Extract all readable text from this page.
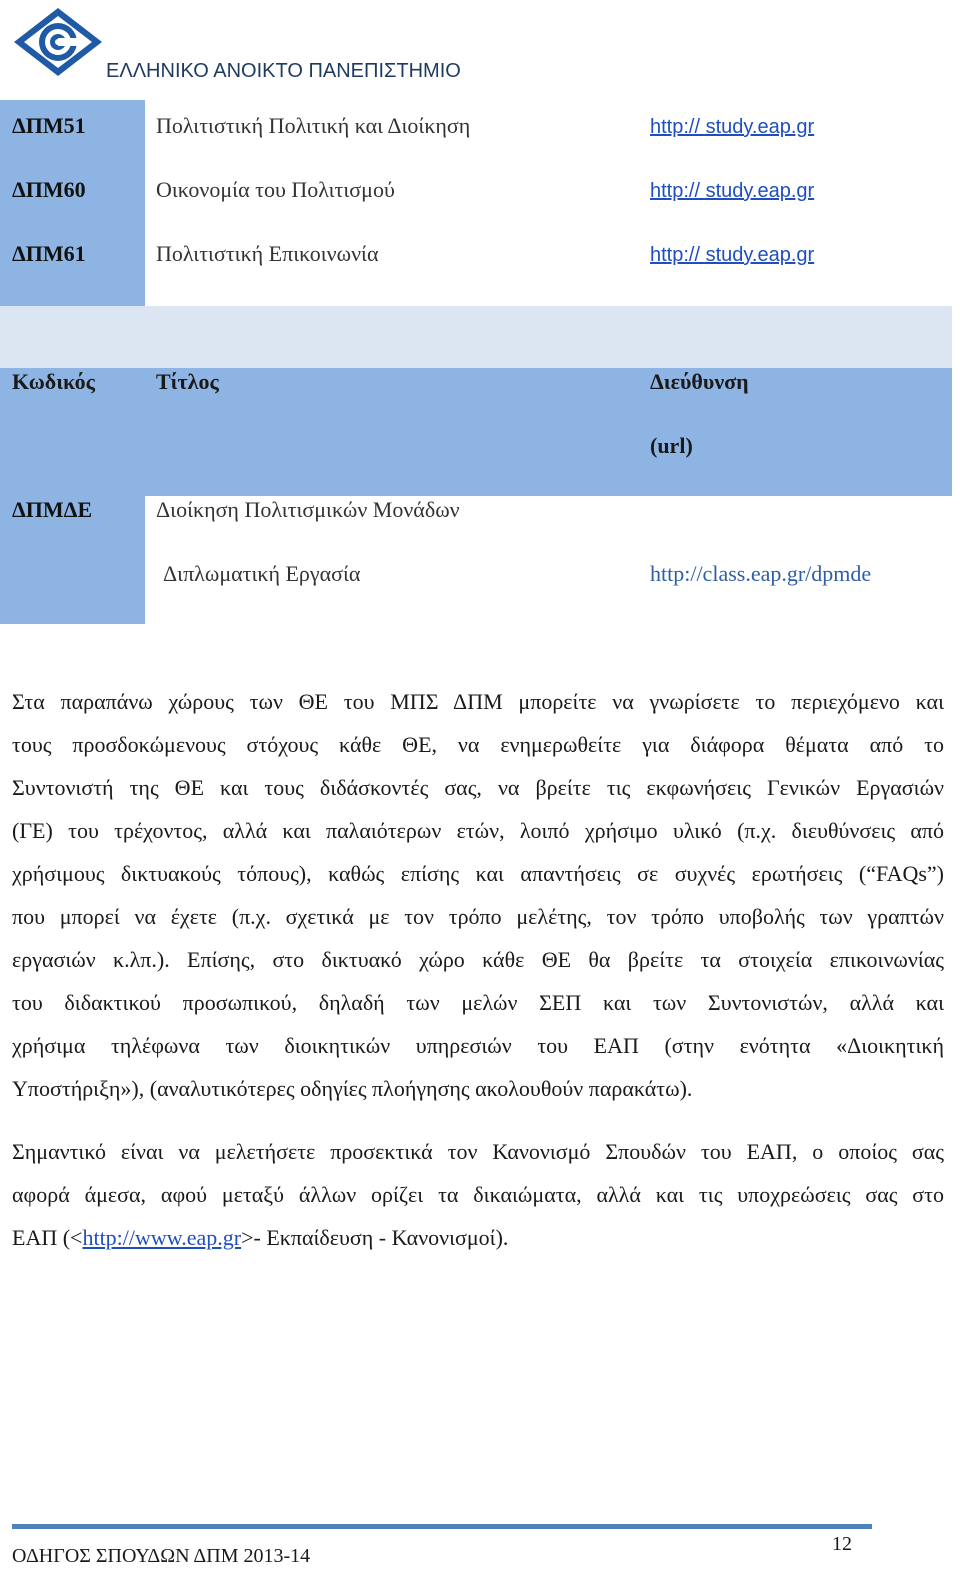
ΕΛΛΗΝΙΚΟ ΑΝΟΙΚΤΟ ΠΑΝΕΠΙΣΤΗΜΙΟ
ΔΠΜ51	Πολιτιστική Πολιτική και Διοίκηση	http:// study.eap.gr
ΔΠΜ60	Οικονομία του Πολιτισμού	http:// study.eap.gr
ΔΠΜ61	Πολιτιστική Επικοινωνία	http:// study.eap.gr
Κωδικός	Τίτλος	Διεύθυνση
(url)
ΔΠΜΔΕ	Διοίκηση Πολιτισμικών Μονάδων
Διπλωματική Εργασία	http://class.eap.gr/dpmde
Στα παραπάνω χώρους των ΘΕ του ΜΠΣ ΔΠΜ μπορείτε να γνωρίσετε το περιεχόμενο και
τους προσδοκώμενους στόχους κάθε ΘΕ, να ενημερωθείτε για διάφορα θέματα από το
Συντονιστή της ΘΕ και τους διδάσκοντές σας, να βρείτε τις εκφωνήσεις Γενικών Εργασιών
(ΓΕ) του τρέχοντος, αλλά και παλαιότερων ετών, λοιπό χρήσιμο υλικό (π.χ. διευθύνσεις από
χρήσιμους δικτυακούς τόπους), καθώς επίσης και απαντήσεις σε συχνές ερωτήσεις (“FAQs”)
που μπορεί να έχετε (π.χ. σχετικά με τον τρόπο μελέτης, τον τρόπο υποβολής των γραπτών
εργασιών κ.λπ.). Επίσης, στο δικτυακό χώρο κάθε ΘΕ θα βρείτε τα στοιχεία επικοινωνίας
του διδακτικού προσωπικού, δηλαδή των μελών ΣΕΠ και των Συντονιστών, αλλά και
χρήσιμα τηλέφωνα των διοικητικών υπηρεσιών του ΕΑΠ (στην ενότητα «Διοικητική
Υποστήριξη»), (αναλυτικότερες οδηγίες πλοήγησης ακολουθούν παρακάτω).
Σημαντικό είναι να μελετήσετε προσεκτικά τον Κανονισμό Σπουδών του ΕΑΠ, ο οποίος σας
αφορά άμεσα, αφού μεταξύ άλλων ορίζει τα δικαιώματα, αλλά και τις υποχρεώσεις σας στο
ΕΑΠ (<http://www.eap.gr>- Εκπαίδευση - Κανονισμοί).
ΟΔΗΓΟΣ ΣΠΟΥΔΩΝ ΔΠΜ 2013-14
12
